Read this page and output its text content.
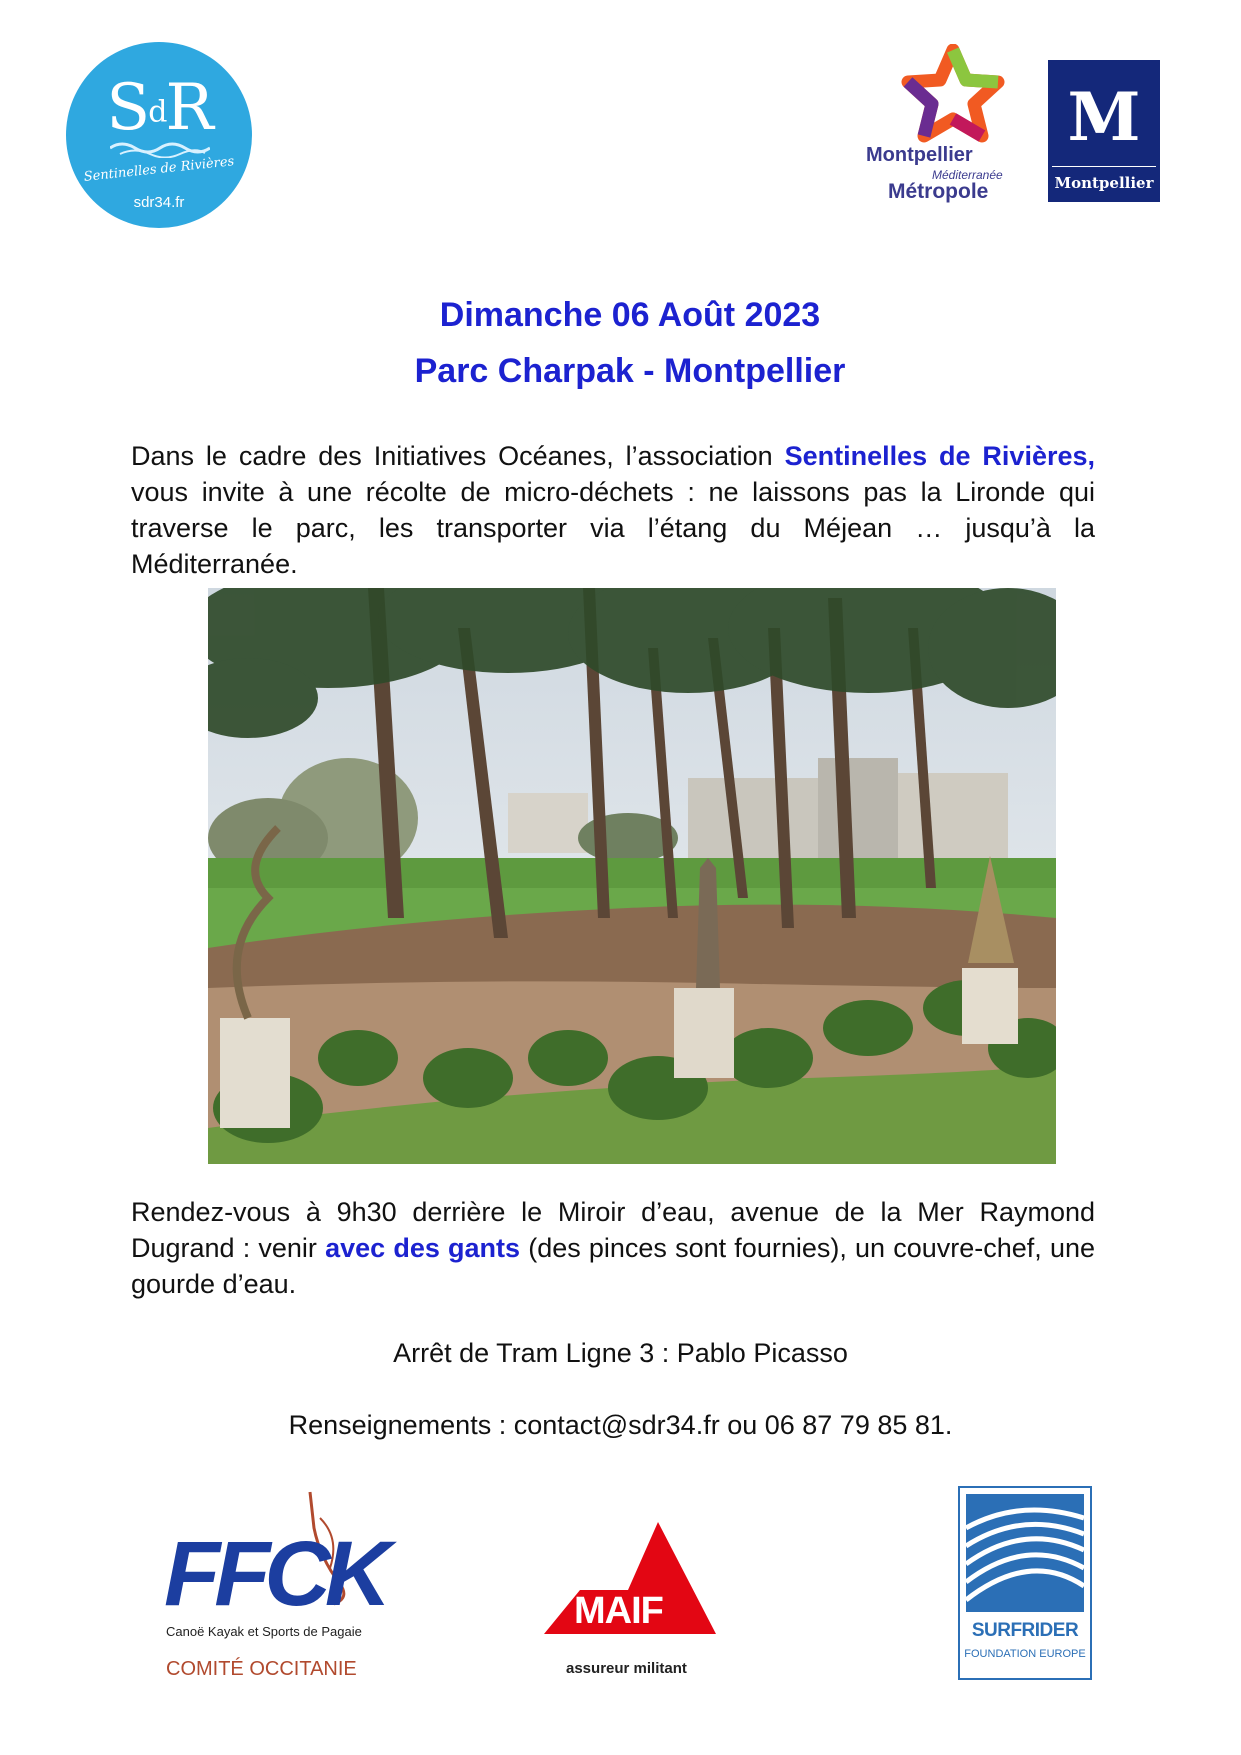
SdR
Sentinelles de Rivières
sdr34.fr
Montpellier
Méditerranée
Métropole
M
Montpellier
Dimanche 06 Août 2023
Parc Charpak - Montpellier
Dans le cadre des Initiatives Océanes, l’association Sentinelles de Rivières, vous invite à une récolte de micro-déchets : ne laissons pas la Lironde qui traverse le parc, les transporter via l’étang du Méjean … jusqu’à la Méditerranée.
Rendez-vous à 9h30 derrière le Miroir d’eau, avenue de la Mer Raymond Dugrand : venir avec des gants (des pinces sont fournies), un couvre-chef, une gourde d’eau.
Arrêt de Tram Ligne 3 : Pablo Picasso
Renseignements : contact@sdr34.fr ou 06 87 79 85 81.
FFCK
Canoë Kayak et Sports de Pagaie
COMITÉ OCCITANIE
MAIF
assureur militant
SURFRIDER
FOUNDATION EUROPE
